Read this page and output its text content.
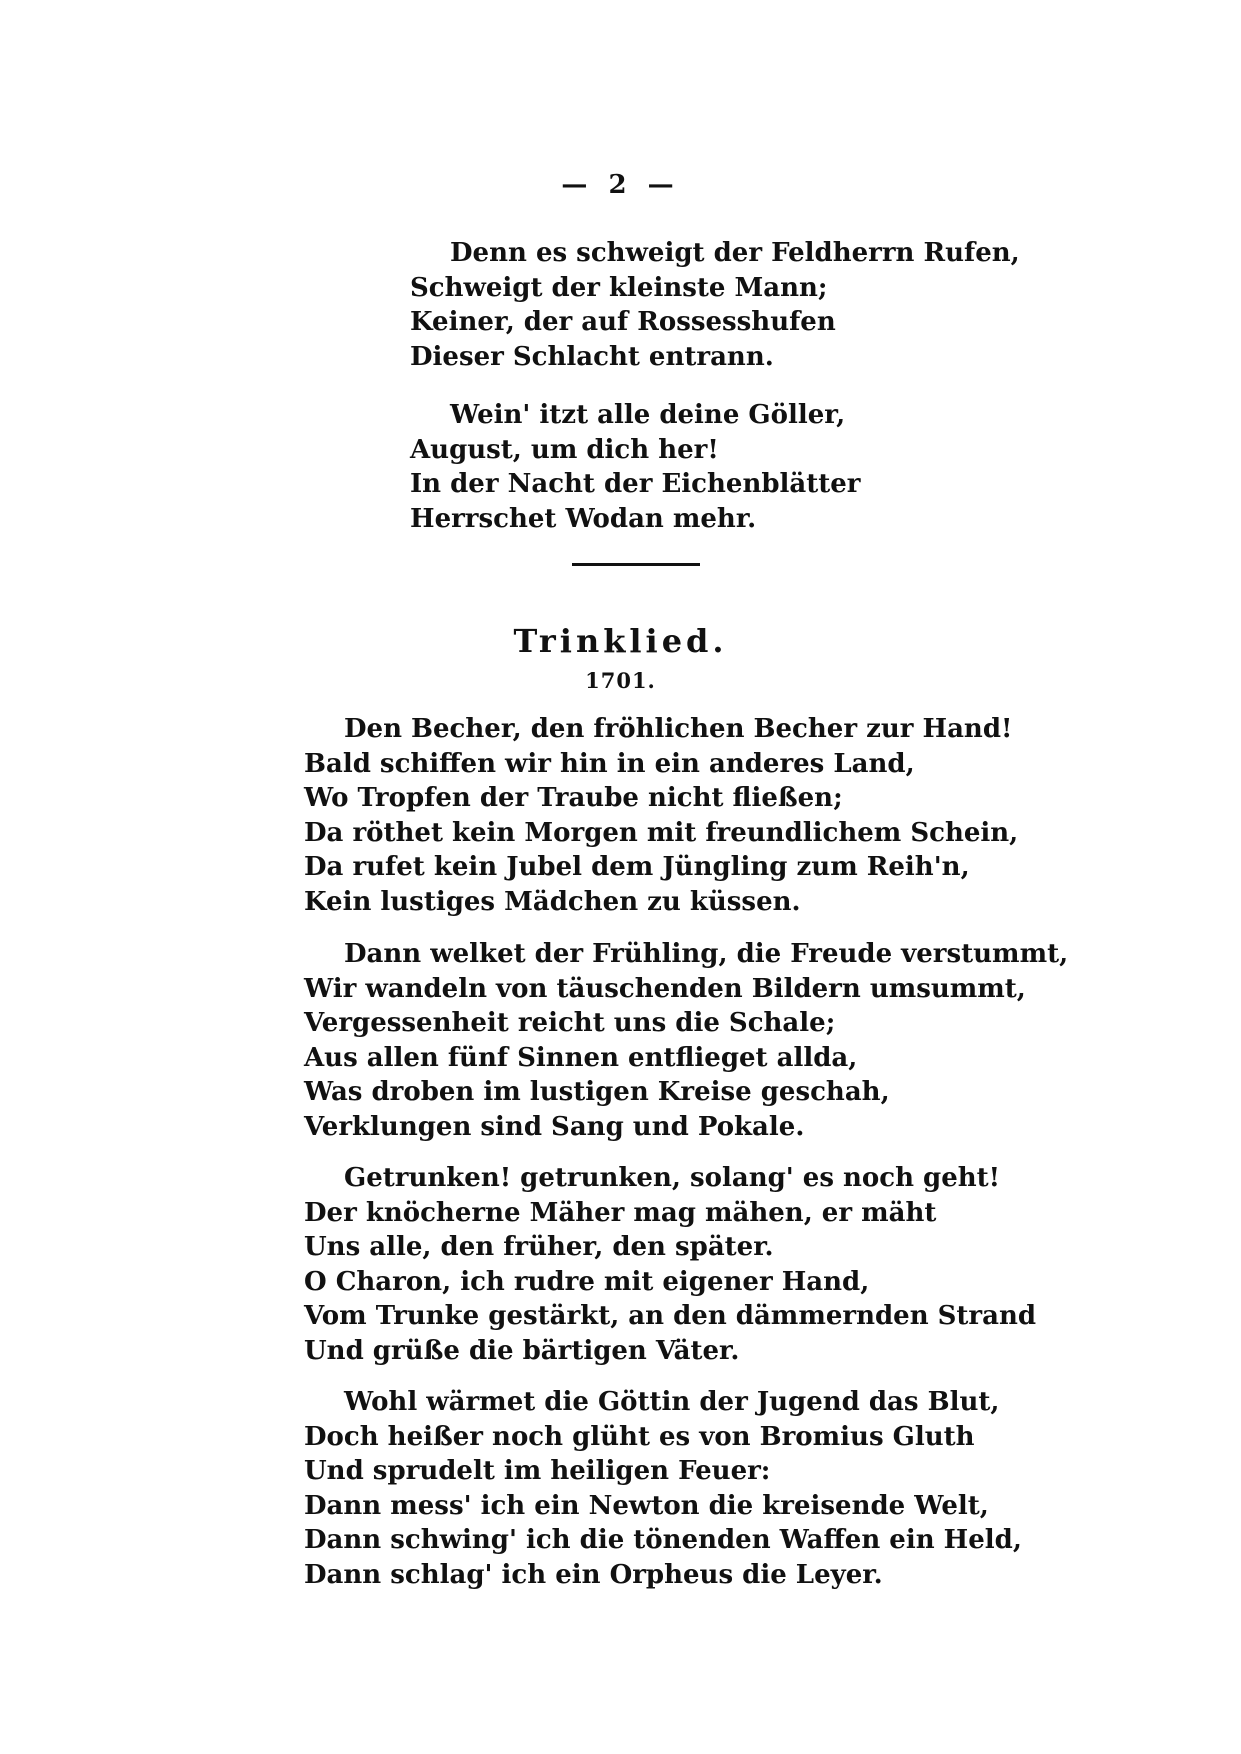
— 2 —
Denn es schweigt der Feldherrn Rufen,
Schweigt der kleinste Mann;
Keiner, der auf Rossesshufen
Dieser Schlacht entrann.
Wein' itzt alle deine Göller,
August, um dich her!
In der Nacht der Eichenblätter
Herrschet Wodan mehr.
Trinklied.
1701.
Den Becher, den fröhlichen Becher zur Hand!
Bald schiffen wir hin in ein anderes Land,
Wo Tropfen der Traube nicht fließen;
Da röthet kein Morgen mit freundlichem Schein,
Da rufet kein Jubel dem Jüngling zum Reih'n,
Kein lustiges Mädchen zu küssen.
Dann welket der Frühling, die Freude verstummt,
Wir wandeln von täuschenden Bildern umsummt,
Vergessenheit reicht uns die Schale;
Aus allen fünf Sinnen entflieget allda,
Was droben im lustigen Kreise geschah,
Verklungen sind Sang und Pokale.
Getrunken! getrunken, solang' es noch geht!
Der knöcherne Mäher mag mähen, er mäht
Uns alle, den früher, den später.
O Charon, ich rudre mit eigener Hand,
Vom Trunke gestärkt, an den dämmernden Strand
Und grüße die bärtigen Väter.
Wohl wärmet die Göttin der Jugend das Blut,
Doch heißer noch glüht es von Bromius Gluth
Und sprudelt im heiligen Feuer:
Dann mess' ich ein Newton die kreisende Welt,
Dann schwing' ich die tönenden Waffen ein Held,
Dann schlag' ich ein Orpheus die Leyer.
